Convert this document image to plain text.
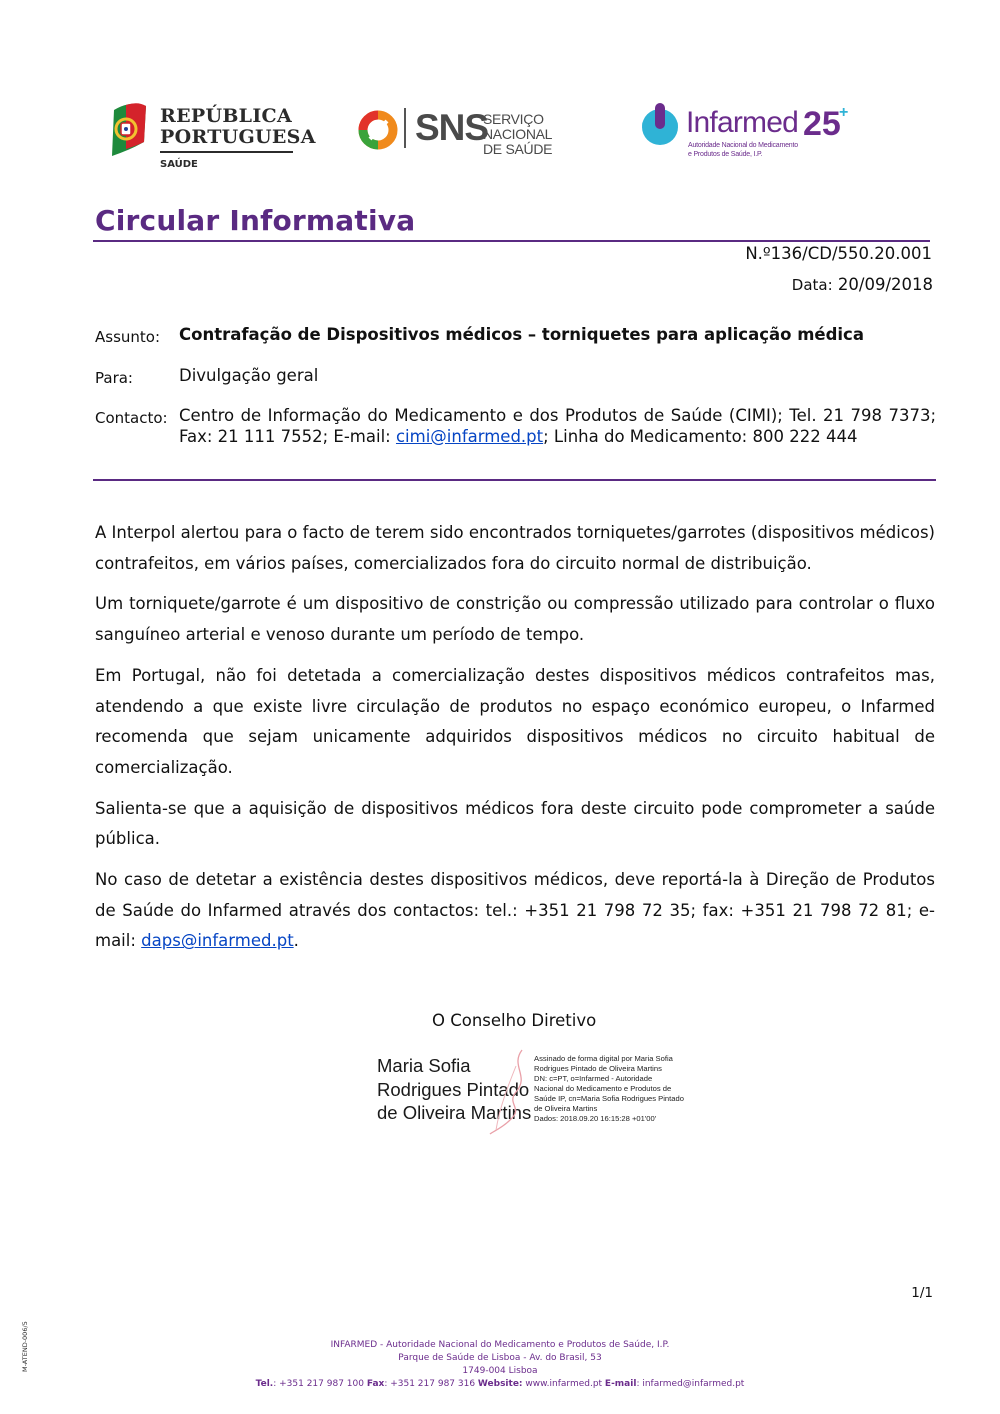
REPÚBLICA
PORTUGUESA
SAÚDE
SNS
SERVIÇO NACIONAL
DE SAÚDE
Infarmed 25
+
Autoridade Nacional do Medicamento
e Produtos de Saúde, I.P.
Circular Informativa
N.º136/CD/550.20.001
Data: 20/09/2018
Assunto: Contrafação de Dispositivos médicos – torniquetes para aplicação médica
Para:	Divulgação geral
Contacto: Centro de Informação do Medicamento e dos Produtos de Saúde (CIMI); Tel. 21 798 7373; Fax: 21 111 7552; E-mail: cimi@infarmed.pt; Linha do Medicamento: 800 222 444

A Interpol alertou para o facto de terem sido encontrados torniquetes/garrotes (dispositivos médicos) contrafeitos, em vários países, comercializados fora do circuito normal de distribuição.

Um torniquete/garrote é um dispositivo de constrição ou compressão utilizado para controlar o fluxo sanguíneo arterial e venoso durante um período de tempo.

Em Portugal, não foi detetada a comercialização destes dispositivos médicos contrafeitos mas, atendendo a que existe livre circulação de produtos no espaço económico europeu, o Infarmed recomenda que sejam unicamente adquiridos dispositivos médicos no circuito habitual de comercialização.

Salienta-se que a aquisição de dispositivos médicos fora deste circuito pode comprometer a saúde pública.

No caso de detetar a existência destes dispositivos médicos, deve reportá-la à Direção de Produtos de Saúde do Infarmed através dos contactos: tel.: +351 21 798 72 35; fax: +351 21 798 72 81; e-mail: daps@infarmed.pt.

O Conselho Diretivo
Maria Sofia
Rodrigues Pintado
de Oliveira Martins
Assinado de forma digital por Maria Sofia
Rodrigues Pintado de Oliveira Martins
DN: c=PT, o=Infarmed - Autoridade
Nacional do Medicamento e Produtos de
Saúde IP, cn=Maria Sofia Rodrigues Pintado
de Oliveira Martins
Dados: 2018.09.20 16:15:28 +01'00'
1/1
M-ATEND-006/5	INFARMED - Autoridade Nacional do Medicamento e Produtos de Saúde, I.P.
Parque de Saúde de Lisboa - Av. do Brasil, 53
1749-004 Lisboa
Tel.: +351 217 987 100 Fax: +351 217 987 316 Website: www.infarmed.pt E-mail: infarmed@infarmed.pt
